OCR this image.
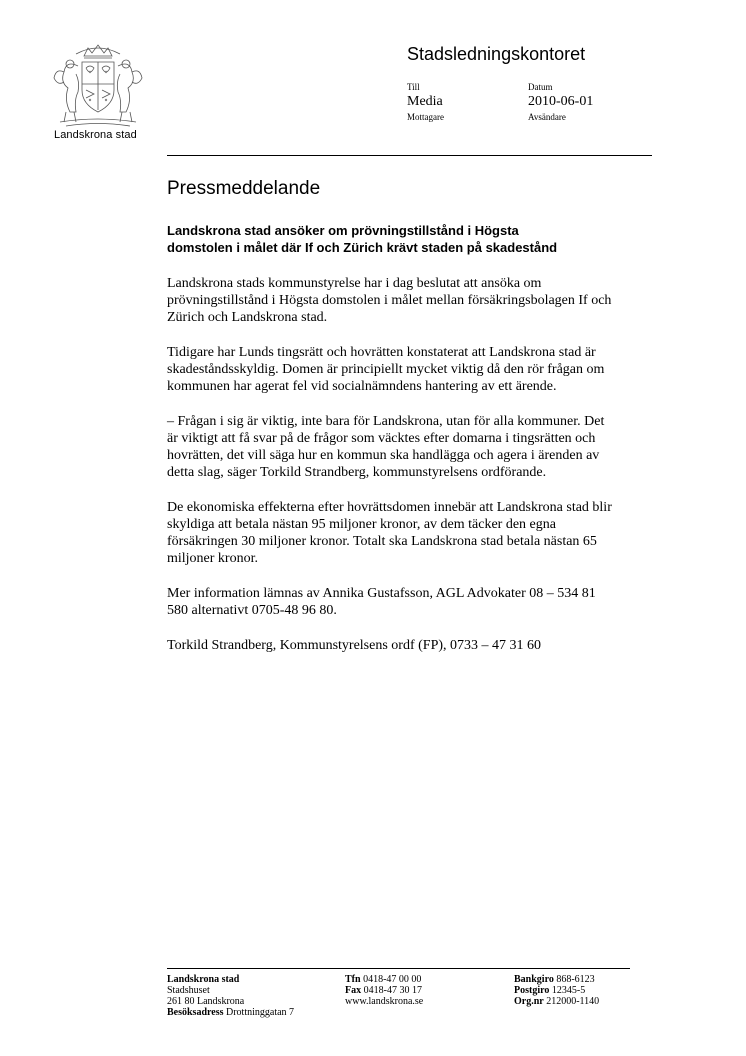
Landskrona stad
Stadsledningskontoret
Till
Media
Mottagare
Datum
2010-06-01
Avsändare
Pressmeddelande
Landskrona stad ansöker om prövningstillstånd i Högsta
domstolen i målet där If och Zürich krävt staden på skadestånd
Landskrona stads kommunstyrelse har i dag beslutat att ansöka om
prövningstillstånd i Högsta domstolen i målet mellan försäkringsbolagen If och
Zürich och Landskrona stad.
Tidigare har Lunds tingsrätt och hovrätten konstaterat att Landskrona stad är
skadeståndsskyldig. Domen är principiellt mycket viktig då den rör frågan om
kommunen har agerat fel vid socialnämndens hantering av ett ärende.
– Frågan i sig är viktig, inte bara för Landskrona, utan för alla kommuner. Det
är viktigt att få svar på de frågor som väcktes efter domarna i tingsrätten och
hovrätten, det vill säga hur en kommun ska handlägga och agera i ärenden av
detta slag, säger Torkild Strandberg, kommunstyrelsens ordförande.
De ekonomiska effekterna efter hovrättsdomen innebär att Landskrona stad blir
skyldiga att betala nästan 95 miljoner kronor, av dem täcker den egna
försäkringen 30 miljoner kronor. Totalt ska Landskrona stad betala nästan 65
miljoner kronor.
Mer information lämnas av Annika Gustafsson, AGL Advokater 08 – 534 81
580 alternativt 0705-48 96 80.
Torkild Strandberg, Kommunstyrelsens ordf (FP), 0733 – 47 31 60
Landskrona stad
Stadshuset
261 80 Landskrona
Besöksadress Drottninggatan 7
Tfn 0418-47 00 00
Fax 0418-47 30 17
www.landskrona.se
Bankgiro 868-6123
Postgiro 12345-5
Org.nr 212000-1140
